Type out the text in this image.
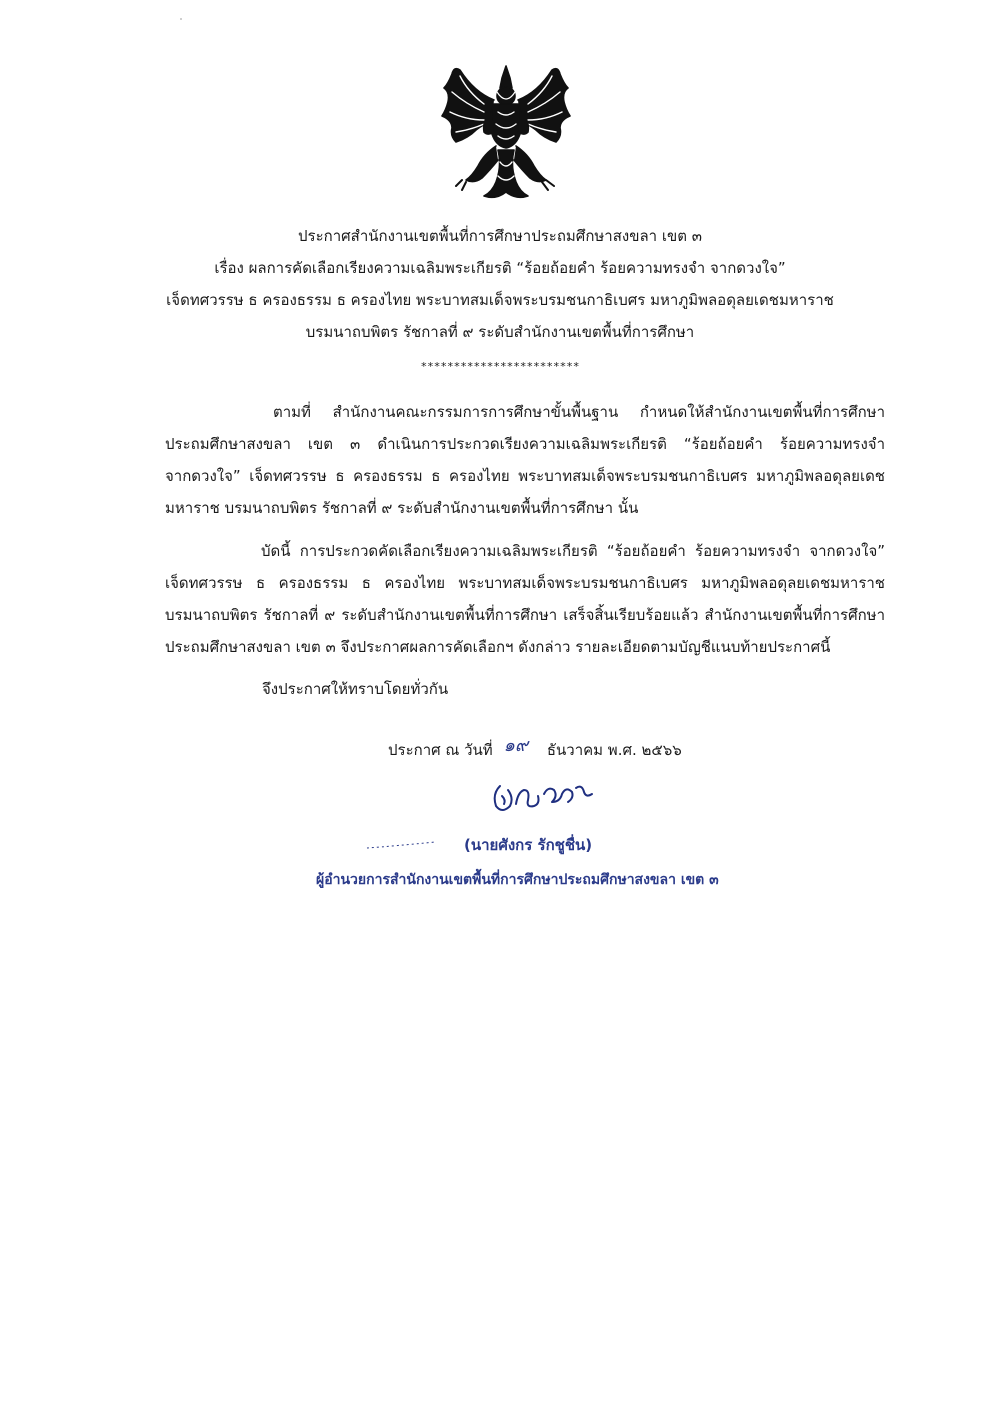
ประกาศสำนักงานเขตพื้นที่การศึกษาประถมศึกษาสงขลา เขต ๓
เรื่อง ผลการคัดเลือกเรียงความเฉลิมพระเกียรติ “ร้อยถ้อยคำ ร้อยความทรงจำ จากดวงใจ”
เจ็ดทศวรรษ ธ ครองธรรม ธ ครองไทย พระบาทสมเด็จพระบรมชนกาธิเบศร มหาภูมิพลอดุลยเดชมหาราช
บรมนาถบพิตร รัชกาลที่ ๙ ระดับสำนักงานเขตพื้นที่การศึกษา
************************
ตามที่ สำนักงานคณะกรรมการการศึกษาขั้นพื้นฐาน กำหนดให้สำนักงานเขตพื้นที่การศึกษา
ประถมศึกษาสงขลา เขต ๓ ดำเนินการประกวดเรียงความเฉลิมพระเกียรติ “ร้อยถ้อยคำ ร้อยความทรงจำ
จากดวงใจ” เจ็ดทศวรรษ ธ ครองธรรม ธ ครองไทย พระบาทสมเด็จพระบรมชนกาธิเบศร มหาภูมิพลอดุลยเดช
มหาราช บรมนาถบพิตร รัชกาลที่ ๙ ระดับสำนักงานเขตพื้นที่การศึกษา นั้น
บัดนี้ การประกวดคัดเลือกเรียงความเฉลิมพระเกียรติ “ร้อยถ้อยคำ ร้อยความทรงจำ จากดวงใจ”
เจ็ดทศวรรษ ธ ครองธรรม ธ ครองไทย พระบาทสมเด็จพระบรมชนกาธิเบศร มหาภูมิพลอดุลยเดชมหาราช
บรมนาถบพิตร รัชกาลที่ ๙ ระดับสำนักงานเขตพื้นที่การศึกษา เสร็จสิ้นเรียบร้อยแล้ว สำนักงานเขตพื้นที่การศึกษา
ประถมศึกษาสงขลา เขต ๓ จึงประกาศผลการคัดเลือกฯ ดังกล่าว รายละเอียดตามบัญชีแนบท้ายประกาศนี้
จึงประกาศให้ทราบโดยทั่วกัน
ประกาศ ณ วันที่ ๑๙ ธันวาคม พ.ศ. ๒๕๖๖
(นายศังกร รักชูชื่น)
ผู้อำนวยการสำนักงานเขตพื้นที่การศึกษาประถมศึกษาสงขลา เขต ๓
